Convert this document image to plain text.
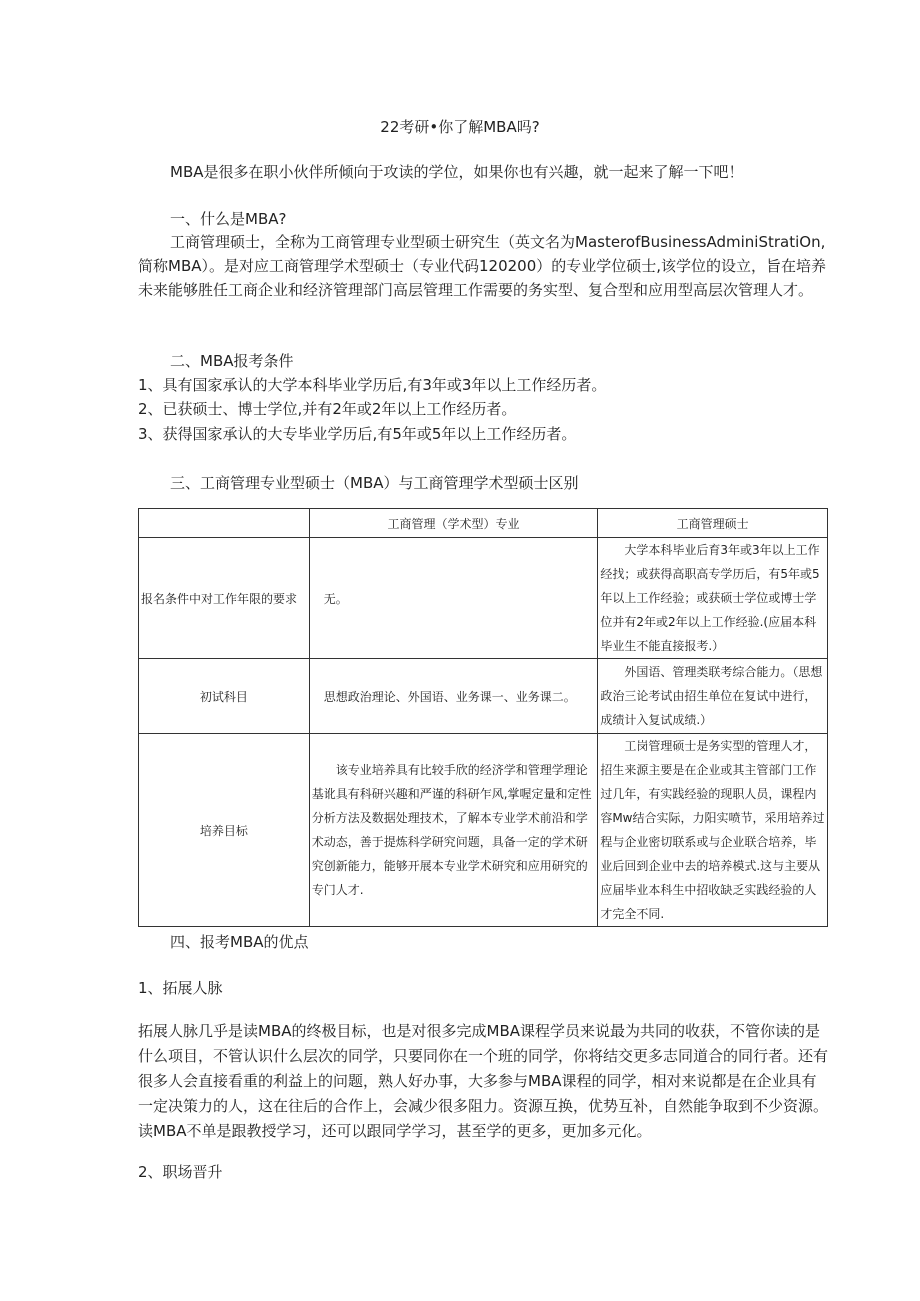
22考研•你了解MBA吗?
MBA是很多在职小伙伴所倾向于攻读的学位，如果你也有兴趣，就一起来了解一下吧！
一、什么是MBA?
工商管理硕士，全称为工商管理专业型硕士研究生（英文名为MasterofBusinessAdminiStratiOn,简称MBA）。是对应工商管理学术型硕士（专业代码120200）的专业学位硕士,该学位的设立，旨在培养未来能够胜任工商企业和经济管理部门高层管理工作需要的务实型、复合型和应用型高层次管理人才。
二、MBA报考条件
1、具有国家承认的大学本科毕业学历后,有3年或3年以上工作经历者。
2、已获硕士、博士学位,并有2年或2年以上工作经历者。
3、获得国家承认的大专毕业学历后,有5年或5年以上工作经历者。
三、工商管理专业型硕士（MBA）与工商管理学术型硕士区别
	工商管理（学术型）专业	工商管理硕士
报名条件中对工作年限的要求	无。	大学本科毕业后育3年或3年以上工作经找；或获得高职高专学历后，有5年或5年以上工作经验；或获硕士学位或博士学位并有2年或2年以上工作经验.(应届本科毕业生不能直接报考.）

初试科目	思想政治理论、外国语、业务课一、业务课二。	外国语、管理类联考综合能力。（思想政治三论考试由招生单位在复试中进行，成绩计入复试成绩.）

培养目标	该专业培养具有比较手欣的经济学和管理学理论基讹具有科研兴趣和严谨的科研乍风,掌喔定量和定性分析方法及数据处理技术，了解本专业学术前沿和学术动态，善于提炼科学研究问题，具备一定的学术研究创新能力，能够开展本专业学术研究和应用研究的专门人才.	工岗管理硕士是务实型的管理人才，招生来源主要是在企业或其主管部门工作过几年，有实践经验的现职人员，课程内容Mw结合实际，力阳实喷节，采用培养过程与企业密切联系或与企业联合培养，毕业后回到企业中去的培养模式.这与主要从应届毕业本科生中招收缺乏实践经验的人才完全不同.
四、报考MBA的优点
1、拓展人脉
拓展人脉几乎是读MBA的终极目标，也是对很多完成MBA课程学员来说最为共同的收获，不管你读的是什么项目，不管认识什么层次的同学，只要同你在一个班的同学，你将结交更多志同道合的同行者。还有很多人会直接看重的利益上的问题，熟人好办事，大多参与MBA课程的同学，相对来说都是在企业具有一定决策力的人，这在往后的合作上，会减少很多阻力。资源互换，优势互补，自然能争取到不少资源。读MBA不单是跟教授学习，还可以跟同学学习，甚至学的更多，更加多元化。
2、职场晋升
